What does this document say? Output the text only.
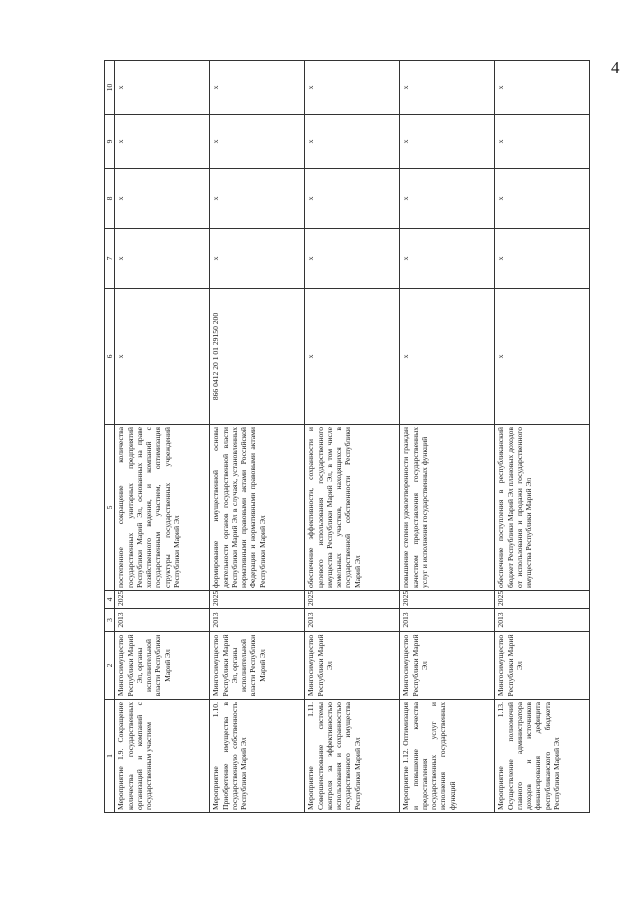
4
1	2	3	4	5	6	7	8	9	10
Мероприятие 1.9. Сокращение количества государственных организаций и компаний с государственным участием	Мингосимущество Республики Марий Эл, органы исполнительной власти Республики Марий Эл	2013	2025	постепенное сокращение количества государственных унитарных предприятий Республики Марий Эл, основанных на праве хозяйственного ведения, и компаний с государственным участием, оптимизация структуры государственных учреждений Республики Марий Эл	x	x	x	x	x
Мероприятие 1.10. Приобретение имущества в государственную собственность Республики Марий Эл	Мингосимущество Республики Марий Эл, органы исполнительной власти Республики Марий Эл	2013	2025	формирование имущественной основы деятельности органов государственной власти Республики Марий Эл в случаях, установленных нормативными правовыми актами Российской Федерации и нормативными правовыми актами Республики Марий Эл	866 0412 20 1 01 29150 200	x	x	x	x
Мероприятие 1.11. Совершенствование системы контроля за эффективностью использования и сохранностью государственного имущества Республики Марий Эл	Мингосимущество Республики Марий Эл	2013	2025	обеспечение эффективности, сохранности и целевого использования государственного имущества Республики Марий Эл, в том числе земельных участков, находящихся в государственной собственности Республики Марий Эл	x	x	x	x	x
Мероприятие 1.12. Оптимизация и повышение качества предоставления государственных услуг и исполнения государственных функций	Мингосимущество Республики Марий Эл	2013	2025	повышение степени удовлетворенности граждан качеством предоставления государственных услуг и исполнения государственных функций	x	x	x	x	x
Мероприятие 1.13. Осуществление полномочий главного администратора доходов и источников финансирования дефицита республиканского бюджета Республики Марий Эл	Мингосимущество Республики Марий Эл	2013	2025	обеспечение поступления в республиканский бюджет Республики Марий Эл плановых доходов от использования и продажи государственного имущества Республики Марий Эл	x	x	x	x	x
